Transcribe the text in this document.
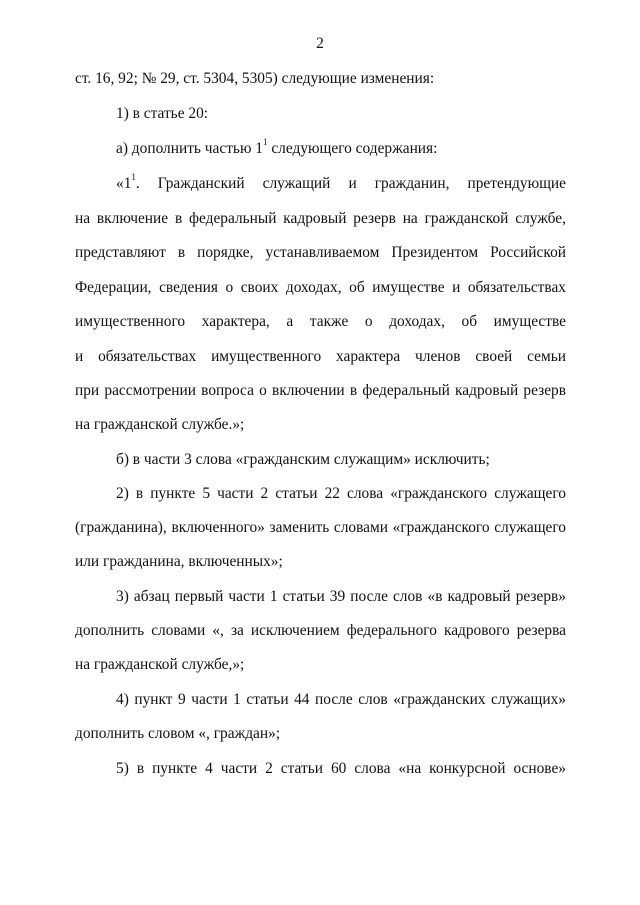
2
ст. 16, 92; № 29, ст. 5304, 5305) следующие изменения:
1) в статье 20:
а) дополнить частью $1^1$ следующего содержания:
«$1^1$. Гражданский служащий и гражданин, претендующие
на включение в федеральный кадровый резерв на гражданской службе,
представляют в порядке, устанавливаемом Президентом Российской
Федерации, сведения о своих доходах, об имуществе и обязательствах
имущественного характера, а также о доходах, об имуществе
и обязательствах имущественного характера членов своей семьи
при рассмотрении вопроса о включении в федеральный кадровый резерв
на гражданской службе.»;
б) в части 3 слова «гражданским служащим» исключить;
2) в пункте 5 части 2 статьи 22 слова «гражданского служащего
(гражданина), включенного» заменить словами «гражданского служащего
или гражданина, включенных»;
3) абзац первый части 1 статьи 39 после слов «в кадровый резерв»
дополнить словами «, за исключением федерального кадрового резерва
на гражданской службе,»;
4) пункт 9 части 1 статьи 44 после слов «гражданских служащих»
дополнить словом «, граждан»;
5) в пункте 4 части 2 статьи 60 слова «на конкурсной основе»
